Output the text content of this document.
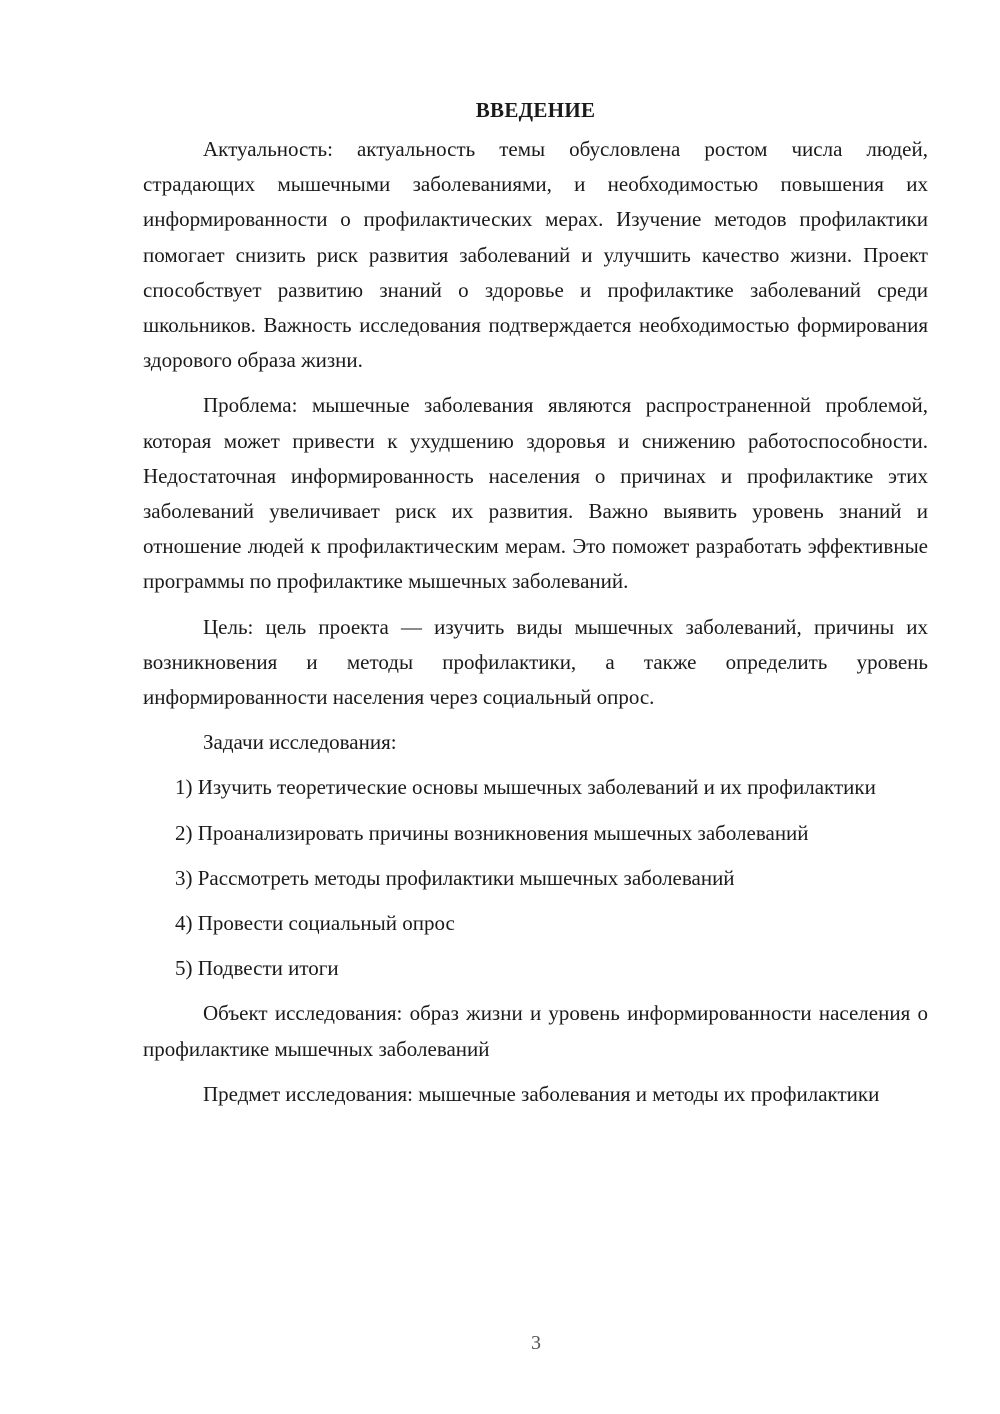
ВВЕДЕНИЕ

Актуальность: актуальность темы обусловлена ростом числа людей, страдающих мышечными заболеваниями, и необходимостью повышения их информированности о профилактических мерах. Изучение методов профилактики помогает снизить риск развития заболеваний и улучшить качество жизни. Проект способствует развитию знаний о здоровье и профилактике заболеваний среди школьников. Важность исследования подтверждается необходимостью формирования здорового образа жизни.

Проблема: мышечные заболевания являются распространенной проблемой, которая может привести к ухудшению здоровья и снижению работоспособности. Недостаточная информированность населения о причинах и профилактике этих заболеваний увеличивает риск их развития. Важно выявить уровень знаний и отношение людей к профилактическим мерам. Это поможет разработать эффективные программы по профилактике мышечных заболеваний.

Цель: цель проекта — изучить виды мышечных заболеваний, причины их возникновения и методы профилактики, а также определить уровень информированности населения через социальный опрос.

Задачи исследования:

1) Изучить теоретические основы мышечных заболеваний и их профилактики

2) Проанализировать причины возникновения мышечных заболеваний

3) Рассмотреть методы профилактики мышечных заболеваний

4) Провести социальный опрос

5) Подвести итоги

Объект исследования: образ жизни и уровень информированности населения о профилактике мышечных заболеваний

Предмет исследования: мышечные заболевания и методы их профилактики

3
